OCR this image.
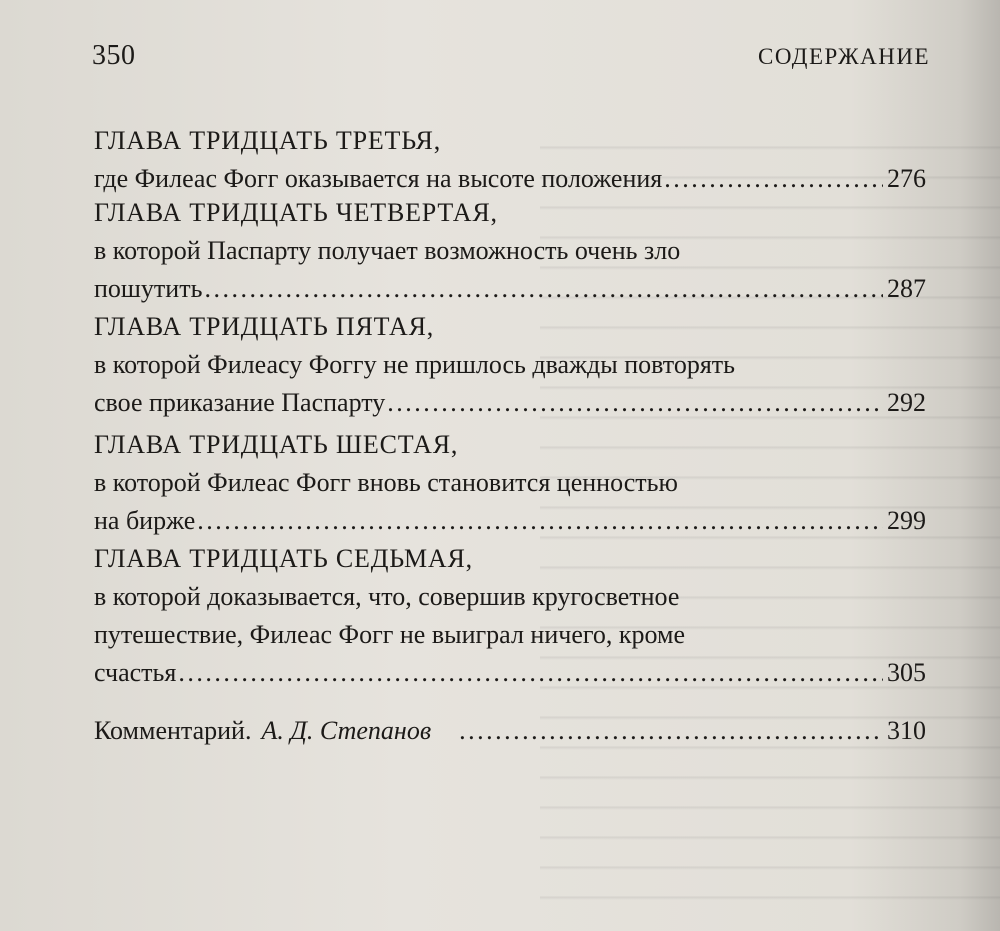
350	СОДЕРЖАНИЕ
ГЛАВА ТРИДЦАТЬ ТРЕТЬЯ,
где Филеас Фогг оказывается на высоте положения . . .	276
ГЛАВА ТРИДЦАТЬ ЧЕТВЕРТАЯ,
в которой Паспарту получает возможность очень зло
пошутить . . .	287
ГЛАВА ТРИДЦАТЬ ПЯТАЯ,
в которой Филеасу Фоггу не пришлось дважды повторять
свое приказание Паспарту . . .	292
ГЛАВА ТРИДЦАТЬ ШЕСТАЯ,
в которой Филеас Фогг вновь становится ценностью
на бирже . . .	299
ГЛАВА ТРИДЦАТЬ СЕДЬМАЯ,
в которой доказывается, что, совершив кругосветное
путешествие, Филеас Фогг не выиграл ничего, кроме
счастья . . .	305
Комментарий. А. Д. Степанов . . .	310
